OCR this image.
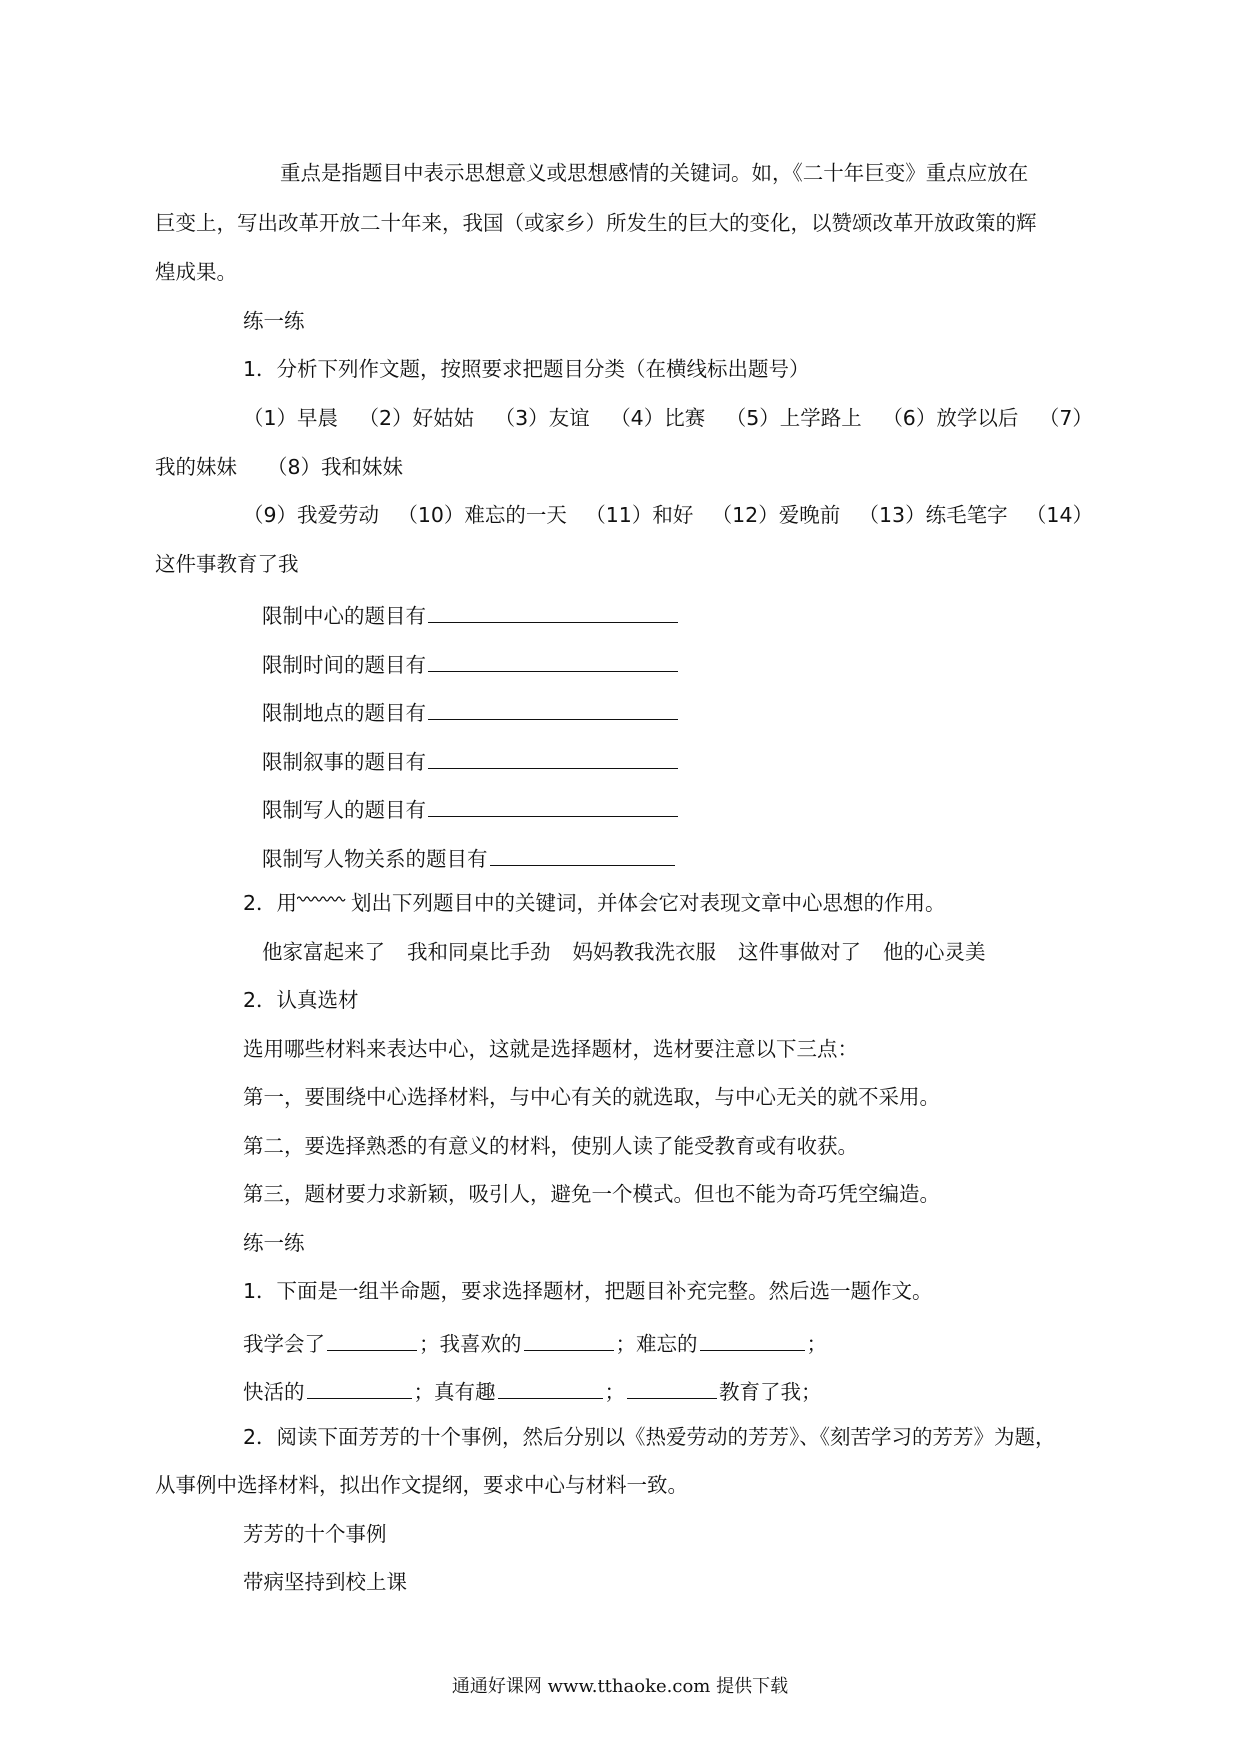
重点是指题目中表示思想意义或思想感情的关键词。如，《二十年巨变》重点应放在
巨变上，写出改革开放二十年来，我国（或家乡）所发生的巨大的变化，以赞颂改革开放政策的辉
煌成果。
练一练
1．分析下列作文题，按照要求把题目分类（在横线标出题号）
（1）早晨 （2）好姑姑 （3）友谊 （4）比赛 （5）上学路上 （6）放学以后 （7）
我的妹妹 （8）我和妹妹
（9）我爱劳动 （10）难忘的一天 （11）和好 （12）爱晚前 （13）练毛笔字 （14）
这件事教育了我
限制中心的题目有
限制时间的题目有
限制地点的题目有
限制叙事的题目有
限制写人的题目有
限制写人物关系的题目有
2．用	划出下列题目中的关键词，并体会它对表现文章中心思想的作用。
他家富起来了 我和同桌比手劲 妈妈教我洗衣服 这件事做对了 他的心灵美
2．认真选材
选用哪些材料来表达中心，这就是选择题材，选材要注意以下三点：
第一，要围绕中心选择材料，与中心有关的就选取，与中心无关的就不采用。
第二，要选择熟悉的有意义的材料，使别人读了能受教育或有收获。
第三，题材要力求新颖，吸引人，避免一个模式。但也不能为奇巧凭空编造。
练一练
1．下面是一组半命题，要求选择题材，把题目补充完整。然后选一题作文。
我学会了	；我喜欢的	；难忘的	；
快活的	；真有趣	；	教育了我；
2．阅读下面芳芳的十个事例，然后分别以《热爱劳动的芳芳》、《刻苦学习的芳芳》为题，
从事例中选择材料，拟出作文提纲，要求中心与材料一致。
芳芳的十个事例
带病坚持到校上课
通通好课网 www.tthaoke.com 提供下载
